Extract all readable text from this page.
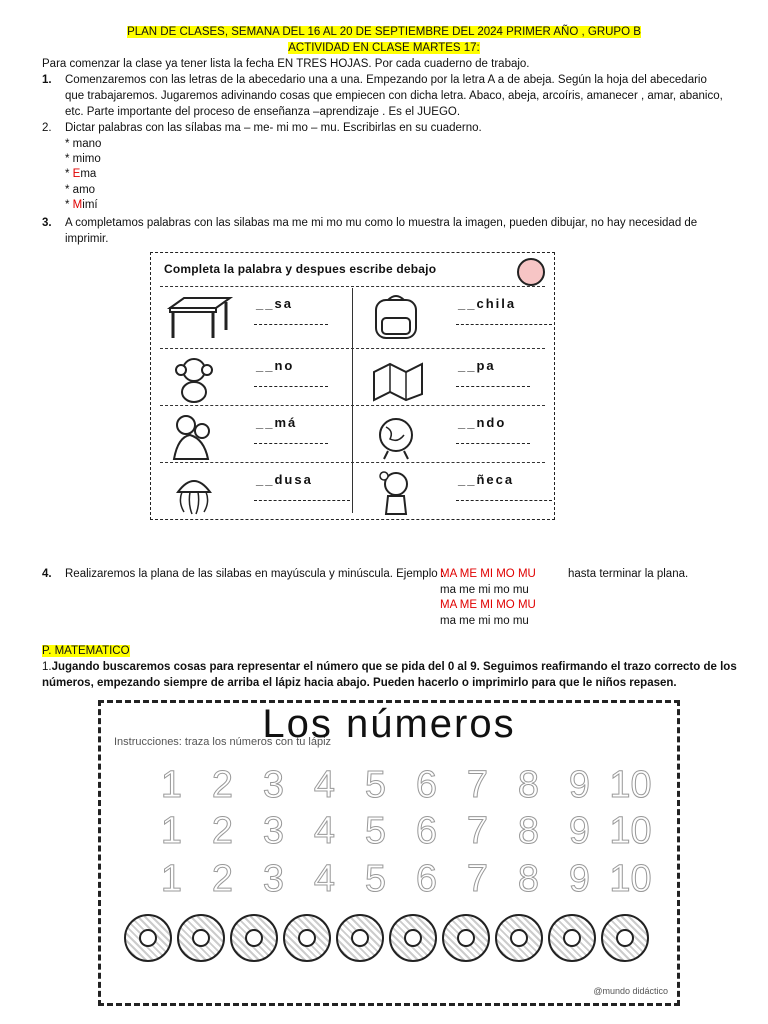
PLAN DE CLASES, SEMANA DEL 16 AL 20 DE SEPTIEMBRE DEL 2024 PRIMER AÑO , GRUPO B
ACTIVIDAD EN CLASE MARTES 17:
Para comenzar la clase ya tener lista la fecha EN TRES HOJAS. Por cada cuaderno de trabajo.
1. Comenzaremos con las letras de la abecedario una a una. Empezando por la letra A a de abeja. Según la hoja del abecedario
que trabajaremos. Jugaremos adivinando cosas que empiecen con dicha letra. Abaco, abeja, arcoíris, amanecer , amar, abanico,
etc. Parte importante del proceso de enseñanza –aprendizaje . Es el JUEGO.
2. Dictar palabras con las sílabas ma – me- mi mo – mu. Escribirlas en su cuaderno.
* mano
* mimo
* Ema
* amo
* Mimí
3. A completamos palabras con las silabas ma me mi mo mu como lo muestra la imagen, pueden dibujar, no hay necesidad de
imprimir.
Completa la palabra y despues escribe debajo
__sa	__chila
__no	__pa
__má	__ndo
__dusa	__ñeca
4. Realizaremos la plana de las silabas en mayúscula y minúscula. Ejemplo :
MA ME MI MO MU	hasta terminar la plana.
ma me mi mo mu
MA ME MI MO MU
ma me mi mo mu
P. MATEMATICO
1.Jugando buscaremos cosas para representar el número que se pida del 0 al 9. Seguimos reafirmando el trazo correcto de los
números, empezando siempre de arriba el lápiz hacia abajo. Pueden hacerlo o imprimirlo para que le niños repasen.
Los números
Instrucciones: traza los números con tu lápiz
1 2 3 4 5 6 7 8 9 10
1 2 3 4 5 6 7 8 9 10
1 2 3 4 5 6 7 8 9 10
@mundo didáctico
